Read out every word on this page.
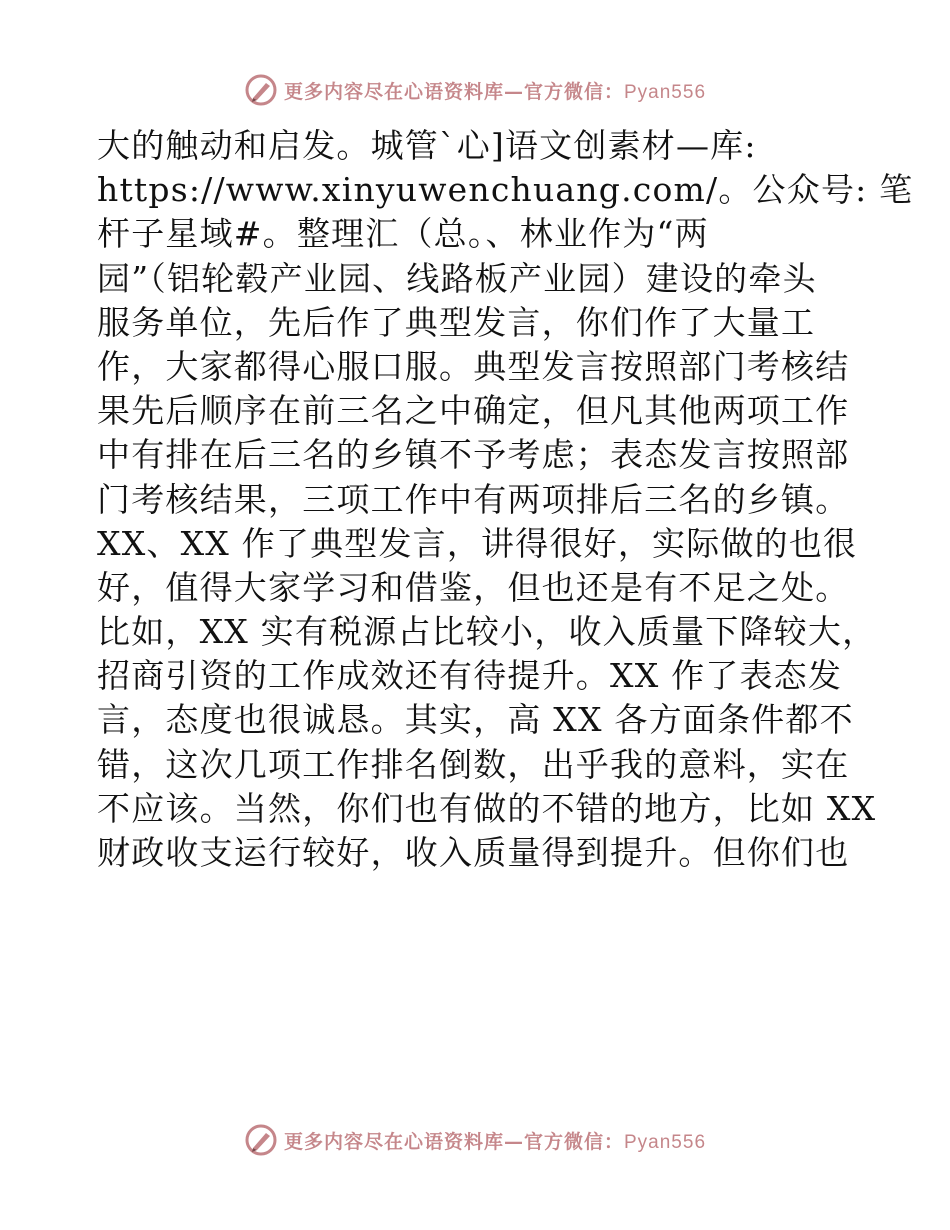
更多内容尽在心语资料库—官方微信：Pyan556
大的触动和启发。城管`心]语文创素材—库:
https://www.xinyuwenchuang.com/。公众号: 笔
杆子星域#。整理汇（总。、林业作为“两
园”（铝轮毂产业园、线路板产业园）建设的牵头
服务单位，先后作了典型发言，你们作了大量工
作，大家都得心服口服。典型发言按照部门考核结
果先后顺序在前三名之中确定，但凡其他两项工作
中有排在后三名的乡镇不予考虑；表态发言按照部
门考核结果，三项工作中有两项排后三名的乡镇。
XX、XX 作了典型发言，讲得很好，实际做的也很
好，值得大家学习和借鉴，但也还是有不足之处。
比如，XX 实有税源占比较小，收入质量下降较大，
招商引资的工作成效还有待提升。XX 作了表态发
言，态度也很诚恳。其实，高 XX 各方面条件都不
错，这次几项工作排名倒数，出乎我的意料，实在
不应该。当然，你们也有做的不错的地方，比如 XX
财政收支运行较好，收入质量得到提升。但你们也
更多内容尽在心语资料库—官方微信：Pyan556
